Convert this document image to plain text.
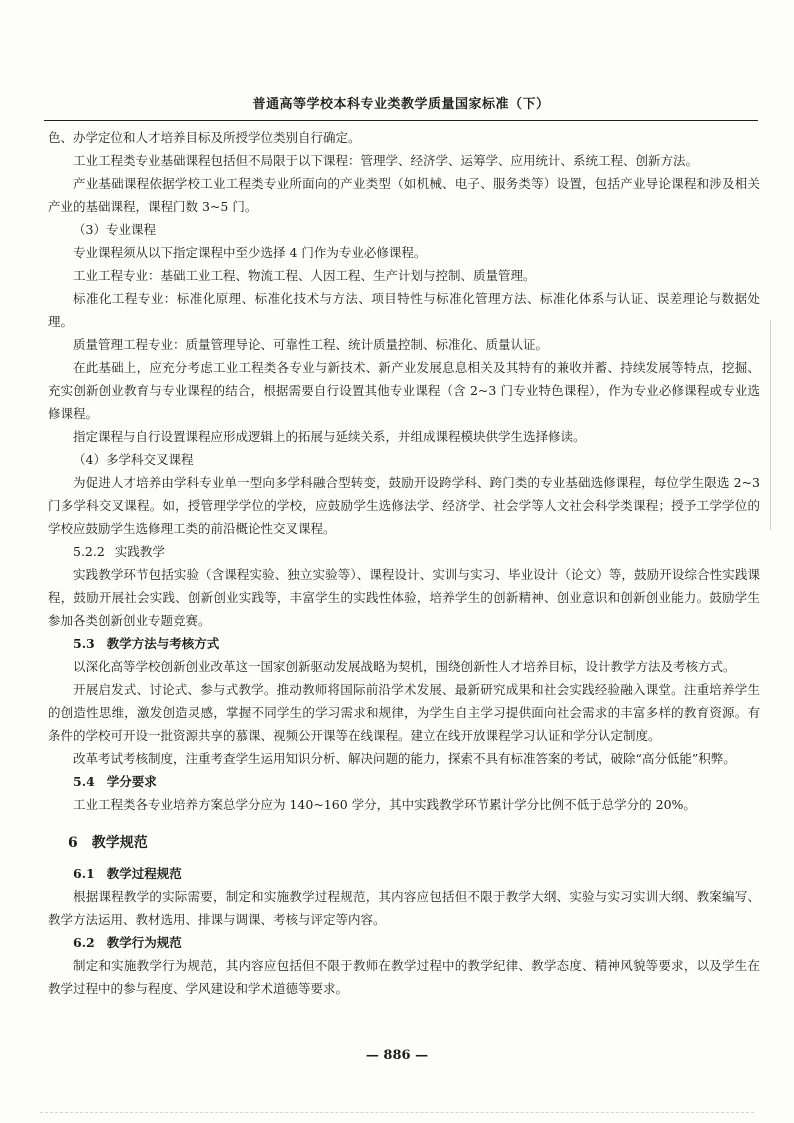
普通高等学校本科专业类教学质量国家标准（下）

色、办学定位和人才培养目标及所授学位类别自行确定。

工业工程类专业基础课程包括但不局限于以下课程：管理学、经济学、运筹学、应用统计、系统工程、创新方法。

产业基础课程依据学校工业工程类专业所面向的产业类型（如机械、电子、服务类等）设置，包括产业导论课程和涉及相关产业的基础课程，课程门数 3~5 门。

（3）专业课程

专业课程须从以下指定课程中至少选择 4 门作为专业必修课程。

工业工程专业：基础工业工程、物流工程、人因工程、生产计划与控制、质量管理。

标准化工程专业：标准化原理、标准化技术与方法、项目特性与标准化管理方法、标准化体系与认证、误差理论与数据处理。

质量管理工程专业：质量管理导论、可靠性工程、统计质量控制、标准化、质量认证。

在此基础上，应充分考虑工业工程类各专业与新技术、新产业发展息息相关及其特有的兼收并蓄、持续发展等特点，挖掘、充实创新创业教育与专业课程的结合，根据需要自行设置其他专业课程（含 2~3 门专业特色课程），作为专业必修课程或专业选修课程。

指定课程与自行设置课程应形成逻辑上的拓展与延续关系，并组成课程模块供学生选择修读。

（4）多学科交叉课程

为促进人才培养由学科专业单一型向多学科融合型转变，鼓励开设跨学科、跨门类的专业基础选修课程，每位学生限选 2~3 门多学科交叉课程。如，授管理学学位的学校，应鼓励学生选修法学、经济学、社会学等人文社会科学类课程；授予工学学位的学校应鼓励学生选修理工类的前沿概论性交叉课程。

5.2.2 实践教学

实践教学环节包括实验（含课程实验、独立实验等）、课程设计、实训与实习、毕业设计（论文）等，鼓励开设综合性实践课程，鼓励开展社会实践、创新创业实践等，丰富学生的实践性体验，培养学生的创新精神、创业意识和创新创业能力。鼓励学生参加各类创新创业专题竞赛。

5.3 教学方法与考核方式

以深化高等学校创新创业改革这一国家创新驱动发展战略为契机，围绕创新性人才培养目标，设计教学方法及考核方式。

开展启发式、讨论式、参与式教学。推动教师将国际前沿学术发展、最新研究成果和社会实践经验融入课堂。注重培养学生的创造性思维，激发创造灵感，掌握不同学生的学习需求和规律，为学生自主学习提供面向社会需求的丰富多样的教育资源。有条件的学校可开设一批资源共享的慕课、视频公开课等在线课程。建立在线开放课程学习认证和学分认定制度。

改革考试考核制度，注重考查学生运用知识分析、解决问题的能力，探索不具有标准答案的考试，破除“高分低能”积弊。

5.4 学分要求

工业工程类各专业培养方案总学分应为 140~160 学分，其中实践教学环节累计学分比例不低于总学分的 20%。

6 教学规范

6.1 教学过程规范

根据课程教学的实际需要，制定和实施教学过程规范，其内容应包括但不限于教学大纲、实验与实习实训大纲、教案编写、教学方法运用、教材选用、排课与调课、考核与评定等内容。

6.2 教学行为规范

制定和实施教学行为规范，其内容应包括但不限于教师在教学过程中的教学纪律、教学态度、精神风貌等要求，以及学生在教学过程中的参与程度、学风建设和学术道德等要求。

— 886 —
